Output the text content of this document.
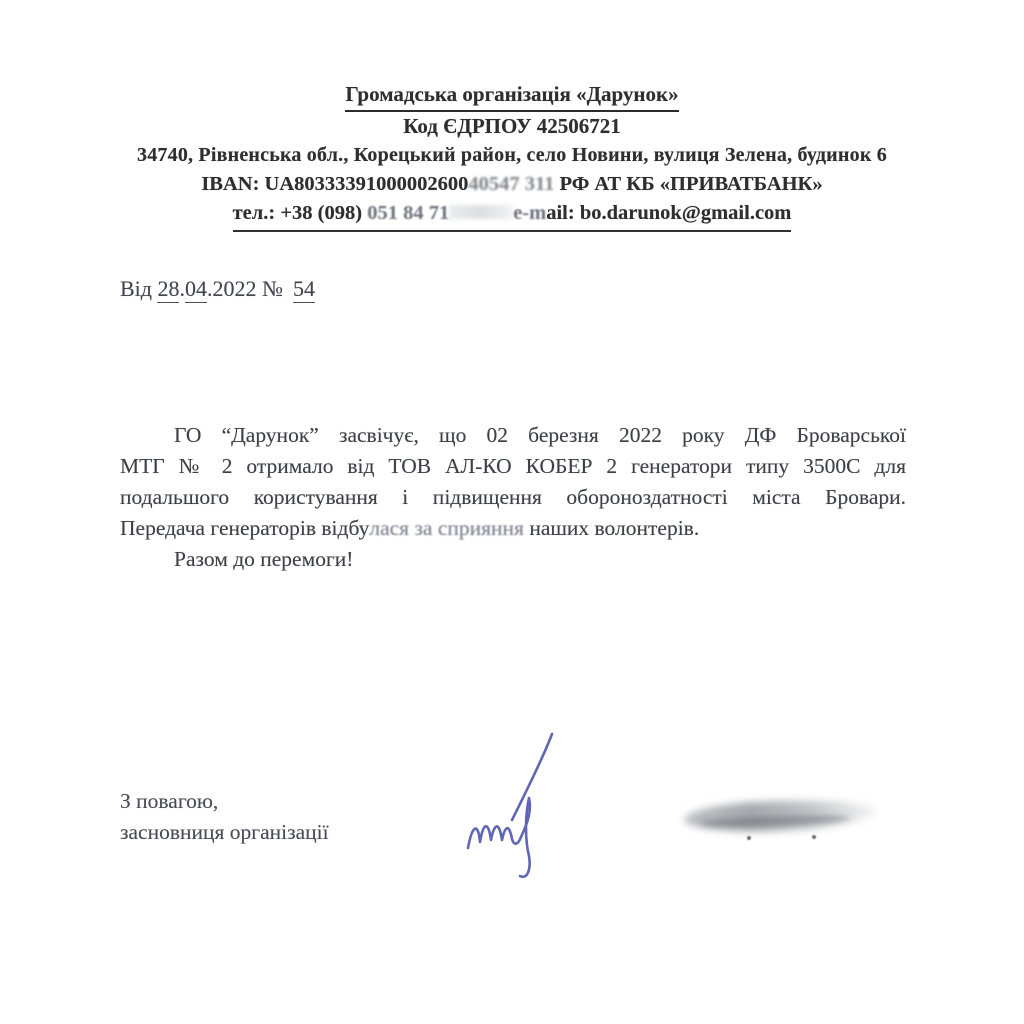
Громадська організація «Дарунок»
Код ЄДРПОУ 42506721
34740, Рівненська обл., Корецький район, село Новини, вулиця Зелена, будинок 6
IBAN: UA8033339100000260040547 311 РФ АТ КБ «ПРИВАТБАНК»
тел.: +38 (098) 051 84 71	e-mail: bo.darunok@gmail.com
Від 28.04.2022 № 54
ГО “Дарунок” засвічує, що 02 березня 2022 року ДФ Броварської
МТГ № 2 отримало від ТОВ АЛ-КО КОБЕР 2 генератори типу 3500С для
подальшого користування і підвищення обороноздатності міста Бровари.
Передача генераторів відбулася за сприяння наших волонтерів.
Разом до перемоги!
З повагою,
засновниця організації
